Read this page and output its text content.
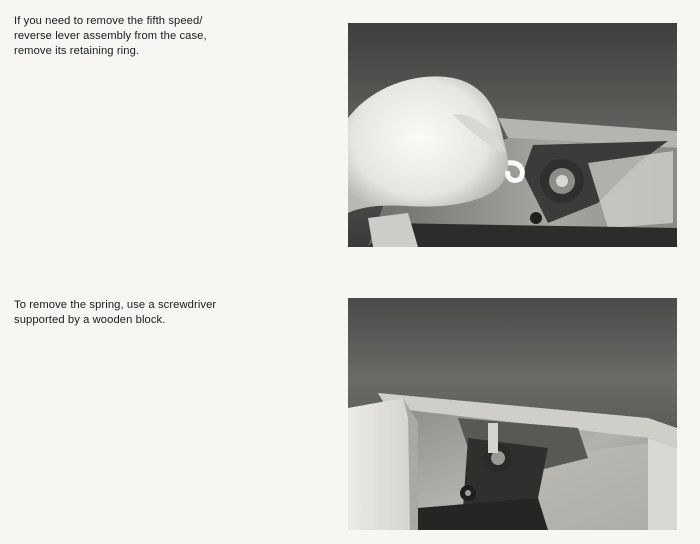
If you need to remove the fifth speed/
reverse lever assembly from the case,
remove its retaining ring.
To remove the spring, use a screwdriver
supported by a wooden block.
